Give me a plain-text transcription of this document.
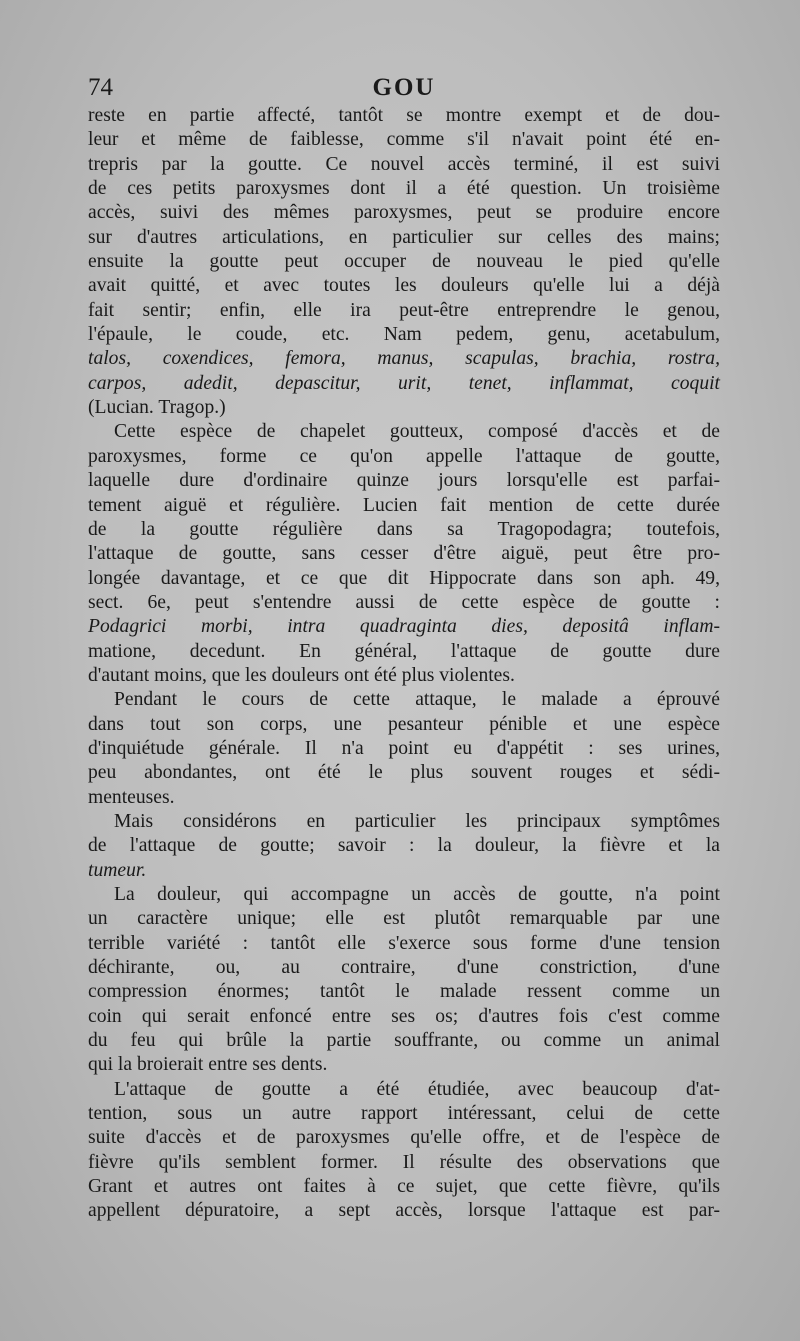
74	GOU

reste en partie affecté, tantôt se montre exempt et de dou-
leur et même de faiblesse, comme s'il n'avait point été en-
trepris par la goutte. Ce nouvel accès terminé, il est suivi
de ces petits paroxysmes dont il a été question. Un troisième
accès, suivi des mêmes paroxysmes, peut se produire encore
sur d'autres articulations, en particulier sur celles des mains;
ensuite la goutte peut occuper de nouveau le pied qu'elle
avait quitté, et avec toutes les douleurs qu'elle lui a déjà
fait sentir; enfin, elle ira peut-être entreprendre le genou,
l'épaule, le coude, etc. Nam pedem, genu, acetabulum,
talos, coxendices, femora, manus, scapulas, brachia, rostra,
carpos, adedit, depascitur, urit, tenet, inflammat, coquit
(Lucian. Tragop.)

Cette espèce de chapelet goutteux, composé d'accès et de
paroxysmes, forme ce qu'on appelle l'attaque de goutte,
laquelle dure d'ordinaire quinze jours lorsqu'elle est parfai-
tement aiguë et régulière. Lucien fait mention de cette durée
de la goutte régulière dans sa Tragopodagra; toutefois,
l'attaque de goutte, sans cesser d'être aiguë, peut être pro-
longée davantage, et ce que dit Hippocrate dans son aph. 49,
sect. 6e, peut s'entendre aussi de cette espèce de goutte :
Podagrici morbi, intra quadraginta dies, depositâ inflam-
matione, decedunt. En général, l'attaque de goutte dure
d'autant moins, que les douleurs ont été plus violentes.

Pendant le cours de cette attaque, le malade a éprouvé
dans tout son corps, une pesanteur pénible et une espèce
d'inquiétude générale. Il n'a point eu d'appétit : ses urines,
peu abondantes, ont été le plus souvent rouges et sédi-
menteuses.

Mais considérons en particulier les principaux symptômes
de l'attaque de goutte; savoir : la douleur, la fièvre et la
tumeur.

La douleur, qui accompagne un accès de goutte, n'a point
un caractère unique; elle est plutôt remarquable par une
terrible variété : tantôt elle s'exerce sous forme d'une tension
déchirante, ou, au contraire, d'une constriction, d'une
compression énormes; tantôt le malade ressent comme un
coin qui serait enfoncé entre ses os; d'autres fois c'est comme
du feu qui brûle la partie souffrante, ou comme un animal
qui la broierait entre ses dents.

L'attaque de goutte a été étudiée, avec beaucoup d'at-
tention, sous un autre rapport intéressant, celui de cette
suite d'accès et de paroxysmes qu'elle offre, et de l'espèce de
fièvre qu'ils semblent former. Il résulte des observations que
Grant et autres ont faites à ce sujet, que cette fièvre, qu'ils
appellent dépuratoire, a sept accès, lorsque l'attaque est par-
